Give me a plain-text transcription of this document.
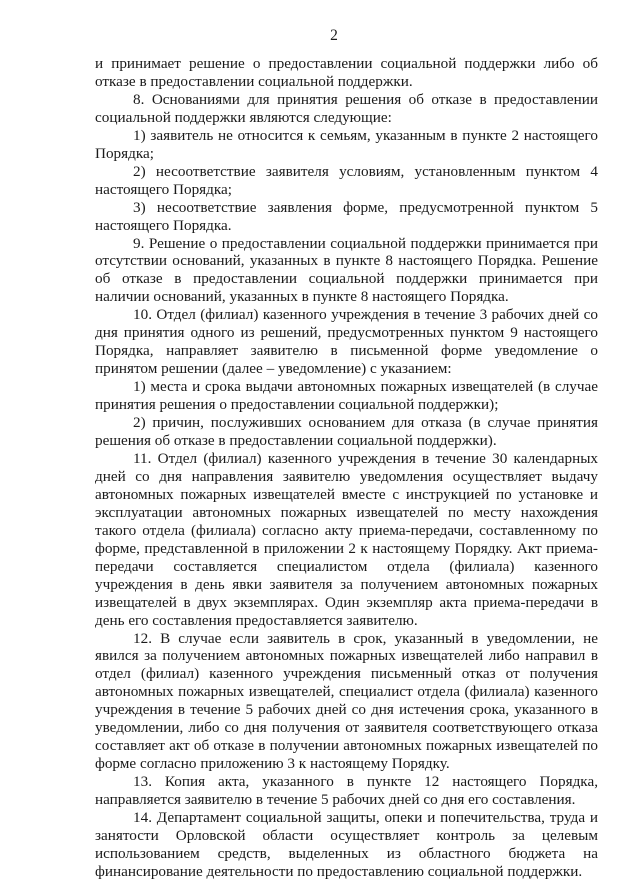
2

и принимает решение о предоставлении социальной поддержки либо об отказе в предоставлении социальной поддержки.

8. Основаниями для принятия решения об отказе в предоставлении социальной поддержки являются следующие:

1) заявитель не относится к семьям, указанным в пункте 2 настоящего Порядка;

2) несоответствие заявителя условиям, установленным пунктом 4 настоящего Порядка;

3) несоответствие заявления форме, предусмотренной пунктом 5 настоящего Порядка.

9. Решение о предоставлении социальной поддержки принимается при отсутствии оснований, указанных в пункте 8 настоящего Порядка. Решение об отказе в предоставлении социальной поддержки принимается при наличии оснований, указанных в пункте 8 настоящего Порядка.

10. Отдел (филиал) казенного учреждения в течение 3 рабочих дней со дня принятия одного из решений, предусмотренных пунктом 9 настоящего Порядка, направляет заявителю в письменной форме уведомление о принятом решении (далее – уведомление) с указанием:

1) места и срока выдачи автономных пожарных извещателей (в случае принятия решения о предоставлении социальной поддержки);

2) причин, послуживших основанием для отказа (в случае принятия решения об отказе в предоставлении социальной поддержки).

11. Отдел (филиал) казенного учреждения в течение 30 календарных дней со дня направления заявителю уведомления осуществляет выдачу автономных пожарных извещателей вместе с инструкцией по установке и эксплуатации автономных пожарных извещателей по месту нахождения такого отдела (филиала) согласно акту приема-передачи, составленному по форме, представленной в приложении 2 к настоящему Порядку. Акт приема-передачи составляется специалистом отдела (филиала) казенного учреждения в день явки заявителя за получением автономных пожарных извещателей в двух экземплярах. Один экземпляр акта приема-передачи в день его составления предоставляется заявителю.

12. В случае если заявитель в срок, указанный в уведомлении, не явился за получением автономных пожарных извещателей либо направил в отдел (филиал) казенного учреждения письменный отказ от получения автономных пожарных извещателей, специалист отдела (филиала) казенного учреждения в течение 5 рабочих дней со дня истечения срока, указанного в уведомлении, либо со дня получения от заявителя соответствующего отказа составляет акт об отказе в получении автономных пожарных извещателей по форме согласно приложению 3 к настоящему Порядку.

13. Копия акта, указанного в пункте 12 настоящего Порядка, направляется заявителю в течение 5 рабочих дней со дня его составления.

14. Департамент социальной защиты, опеки и попечительства, труда и занятости Орловской области осуществляет контроль за целевым использованием средств, выделенных из областного бюджета на финансирование деятельности по предоставлению социальной поддержки.
